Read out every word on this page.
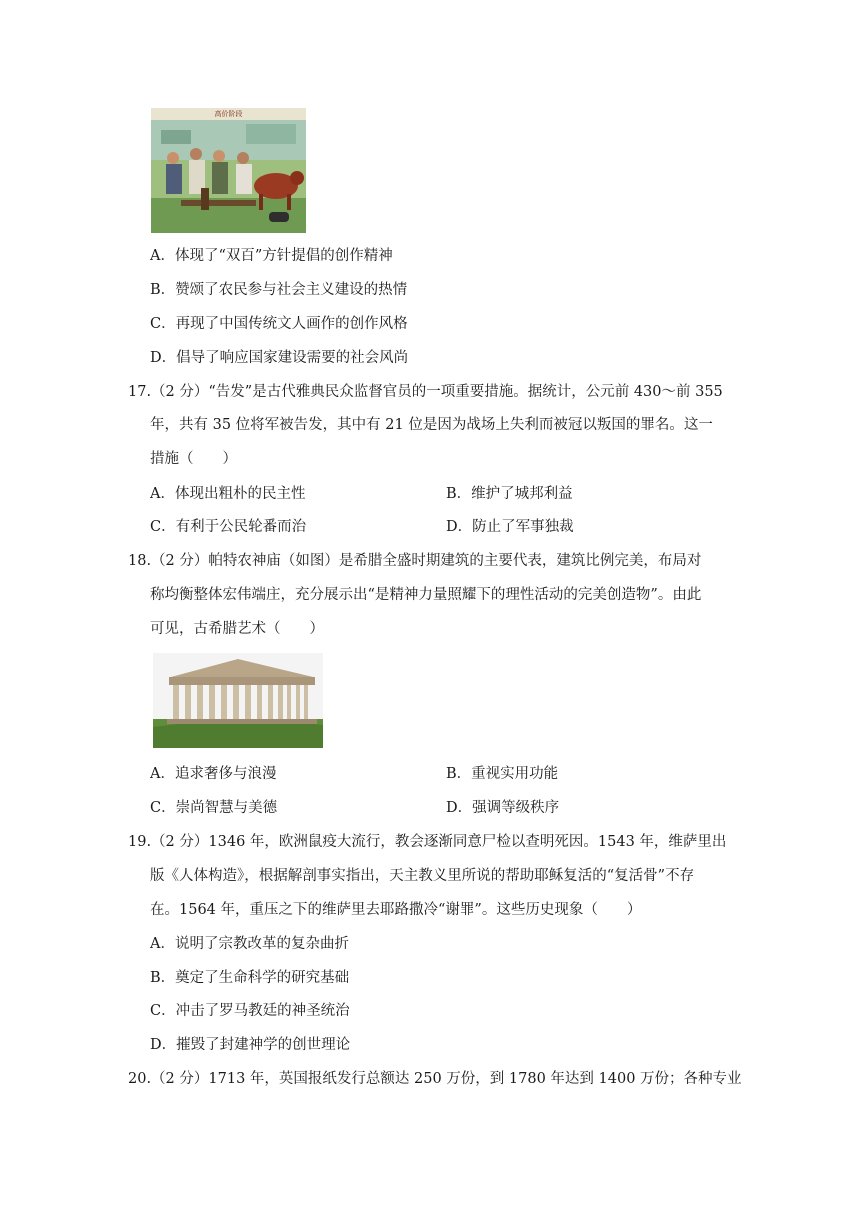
高价阶段
A．体现了“双百”方针提倡的创作精神
B．赞颂了农民参与社会主义建设的热情
C．再现了中国传统文人画作的创作风格
D．倡导了响应国家建设需要的社会风尚
17.（2 分）“告发”是古代雅典民众监督官员的一项重要措施。据统计，公元前 430～前 355
年，共有 35 位将军被告发，其中有 21 位是因为战场上失利而被冠以叛国的罪名。这一
措施（　　）
A．体现出粗朴的民主性	B．维护了城邦利益
C．有利于公民轮番而治	D．防止了军事独裁
18.（2 分）帕特农神庙（如图）是希腊全盛时期建筑的主要代表，建筑比例完美，布局对
称均衡整体宏伟端庄，充分展示出“是精神力量照耀下的理性活动的完美创造物”。由此
可见，古希腊艺术（　　）
A．追求奢侈与浪漫	B．重视实用功能
C．崇尚智慧与美德	D．强调等级秩序
19.（2 分）1346 年，欧洲鼠疫大流行，教会逐渐同意尸检以查明死因。1543 年，维萨里出
版《人体构造》，根据解剖事实指出，天主教义里所说的帮助耶稣复活的“复活骨”不存
在。1564 年，重压之下的维萨里去耶路撒冷“谢罪”。这些历史现象（　　）
A．说明了宗教改革的复杂曲折
B．奠定了生命科学的研究基础
C．冲击了罗马教廷的神圣统治
D．摧毁了封建神学的创世理论
20.（2 分）1713 年，英国报纸发行总额达 250 万份，到 1780 年达到 1400 万份；各种专业
